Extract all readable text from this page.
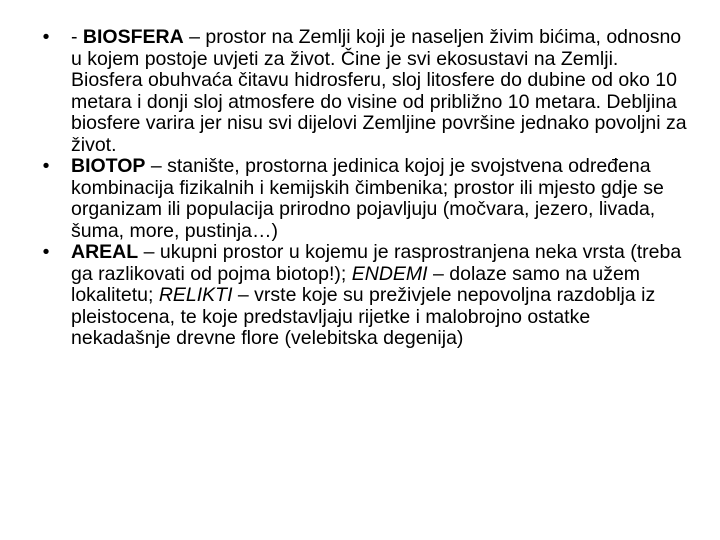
• - BIOSFERA – prostor na Zemlji koji je naseljen živim bićima, odnosno u kojem postoje uvjeti za život. Čine je svi ekosustavi na Zemlji. Biosfera obuhvaća čitavu hidrosferu, sloj litosfere do dubine od oko 10 metara i donji sloj atmosfere do visine od približno 10 metara. Debljina biosfere varira jer nisu svi dijelovi Zemljine površine jednako povoljni za život.
• BIOTOP – stanište, prostorna jedinica kojoj je svojstvena određena kombinacija fizikalnih i kemijskih čimbenika; prostor ili mjesto gdje se organizam ili populacija prirodno pojavljuju (močvara, jezero, livada, šuma, more, pustinja…)
• AREAL – ukupni prostor u kojemu je rasprostranjena neka vrsta (treba ga razlikovati od pojma biotop!); ENDEMI – dolaze samo na užem lokalitetu; RELIKTI – vrste koje su preživjele nepovoljna razdoblja iz pleistocena, te koje predstavljaju rijetke i malobrojno ostatke nekadašnje drevne flore (velebitska degenija)
